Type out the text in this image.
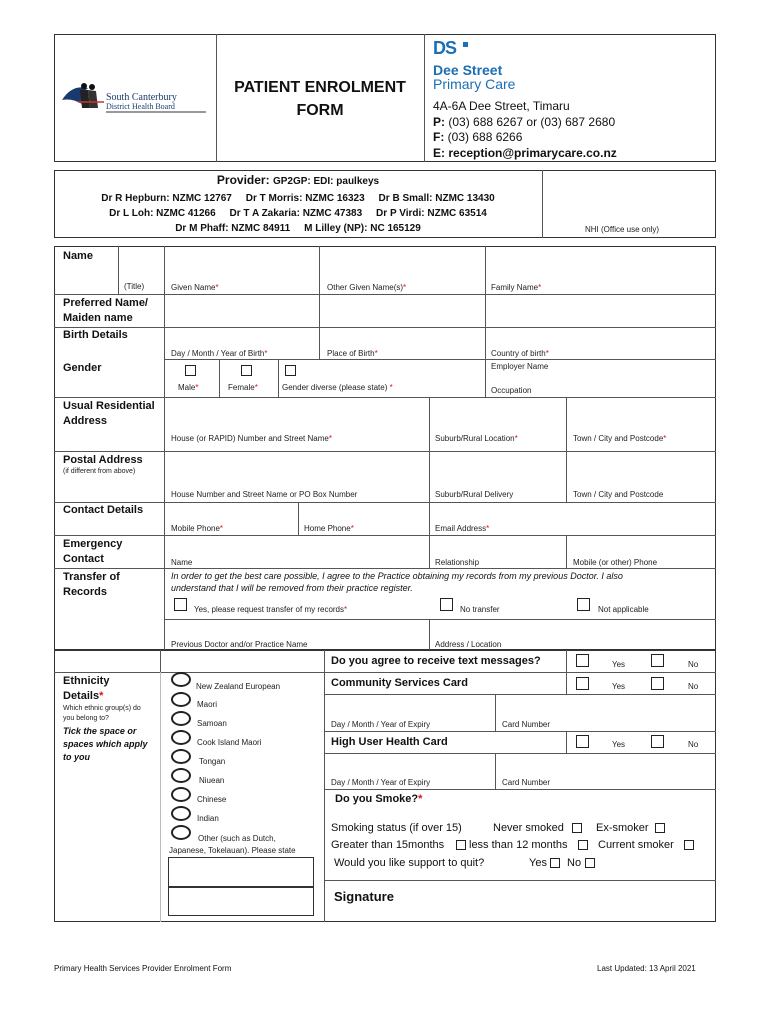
South Canterbury
District Health Board
PATIENT ENROLMENT
FORM
DS
Dee Street
Primary Care
4A-6A Dee Street, Timaru
P: (03) 688 6267 or (03) 687 2680
F: (03) 688 6266
E: reception@primarycare.co.nz
Provider: GP2GP: EDI: paulkeys
Dr R Hepburn: NZMC 12767     Dr T Morris: NZMC 16323     Dr B Small: NZMC 13430
Dr L Loh: NZMC 41266     Dr T A Zakaria: NZMC 47383     Dr P Virdi: NZMC 63514
Dr M Phaff: NZMC 84911     M Lilley (NP): NC 165129	NHI (Office use only)
Name
(Title)	Given Name*	Other Given Name(s)*	Family Name*
Preferred Name/
Maiden name
Birth Details
Day / Month / Year of Birth*	Place of Birth*	Country of birth*
Gender
Male*	Female*	Gender diverse (please state) *
Employer Name
Occupation
Usual Residential
Address
House (or RAPID) Number and Street Name*	Suburb/Rural Location*	Town / City and Postcode*
Postal Address
(if different from above)
House Number and Street Name or PO Box Number	Suburb/Rural Delivery	Town / City and Postcode
Contact Details
Mobile Phone*	Home Phone*	Email Address*
Emergency
Contact	Name	Relationship	Mobile (or other) Phone
Transfer of
Records
In order to get the best care possible, I agree to the Practice obtaining my records from my previous Doctor. I also
understand that I will be removed from their practice register.
Yes, please request transfer of my records*	No transfer	Not applicable
Previous Doctor and/or Practice Name	Address / Location
Ethnicity
Details*
Which ethnic group(s) do
you belong to?
Tick the space or
spaces which apply
to you
New Zealand European
Maori
Samoan
Cook Island Maori
Tongan
Niuean
Chinese
Indian
Other (such as Dutch,
Japanese, Tokelauan). Please state
Do you agree to receive text messages?	Yes	No
Community Services Card	Yes	No
Day / Month / Year of Expiry	Card Number
High User Health Card	Yes	No
Day / Month / Year of Expiry	Card Number
Do you Smoke?*
Smoking status (if over 15)	Never smoked	Ex-smoker
Greater than 15months less than 12 months	Current smoker
Would you like support to quit?	Yes No
Signature
Primary Health Services Provider Enrolment Form	Last Updated: 13 April 2021
